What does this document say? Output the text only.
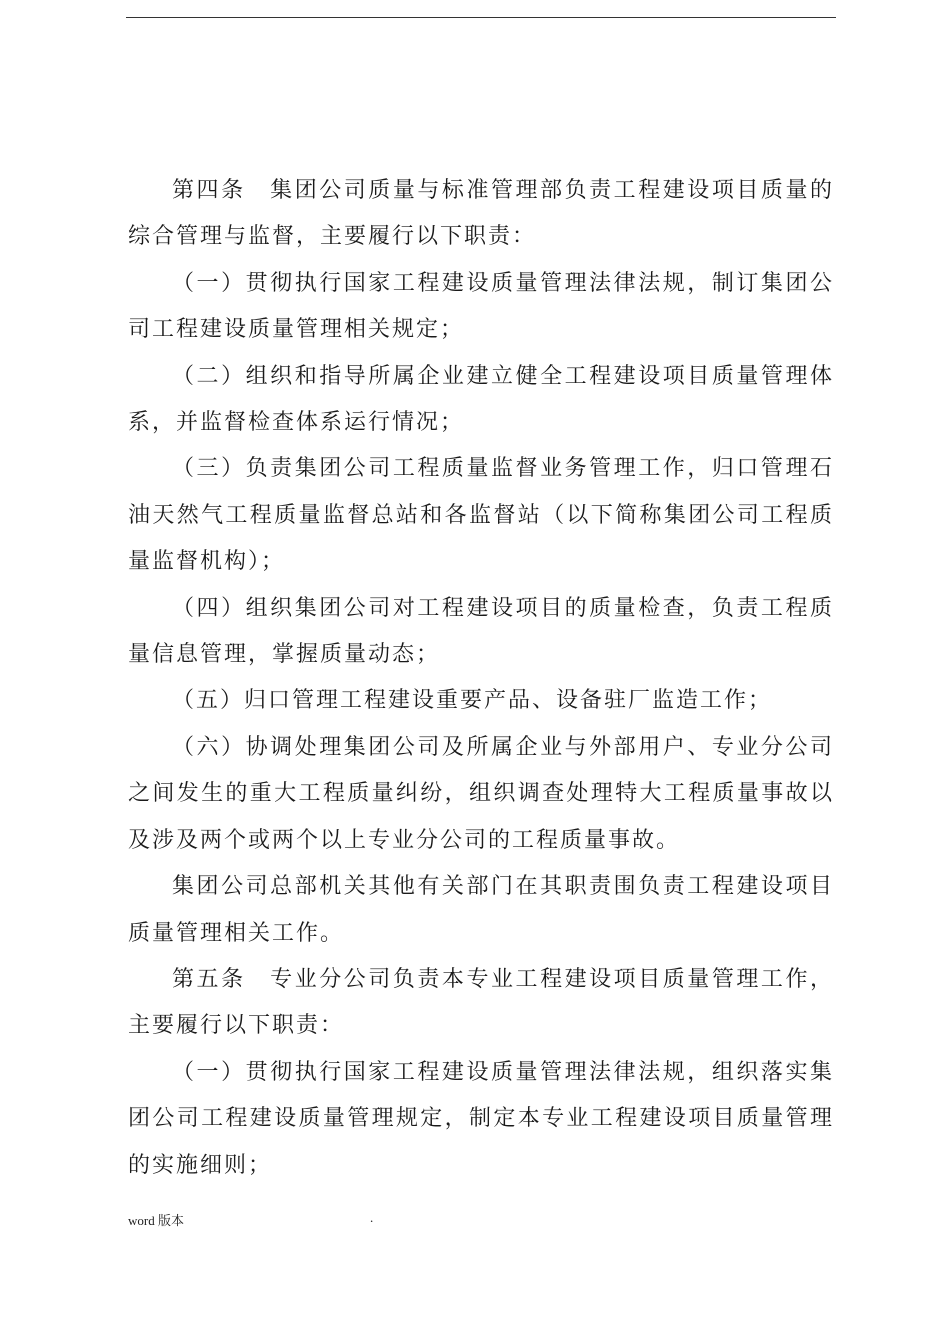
第四条　集团公司质量与标准管理部负责工程建设项目质量的综合管理与监督，主要履行以下职责：

（一）贯彻执行国家工程建设质量管理法律法规，制订集团公司工程建设质量管理相关规定；

（二）组织和指导所属企业建立健全工程建设项目质量管理体系，并监督检查体系运行情况；

（三）负责集团公司工程质量监督业务管理工作，归口管理石油天然气工程质量监督总站和各监督站（以下简称集团公司工程质量监督机构）；

（四）组织集团公司对工程建设项目的质量检查，负责工程质量信息管理，掌握质量动态；

（五）归口管理工程建设重要产品、设备驻厂监造工作；

（六）协调处理集团公司及所属企业与外部用户、专业分公司之间发生的重大工程质量纠纷，组织调查处理特大工程质量事故以及涉及两个或两个以上专业分公司的工程质量事故。

集团公司总部机关其他有关部门在其职责围负责工程建设项目质量管理相关工作。

第五条　专业分公司负责本专业工程建设项目质量管理工作，主要履行以下职责：

（一）贯彻执行国家工程建设质量管理法律法规，组织落实集团公司工程建设质量管理规定，制定本专业工程建设项目质量管理的实施细则；

word 版本	.
